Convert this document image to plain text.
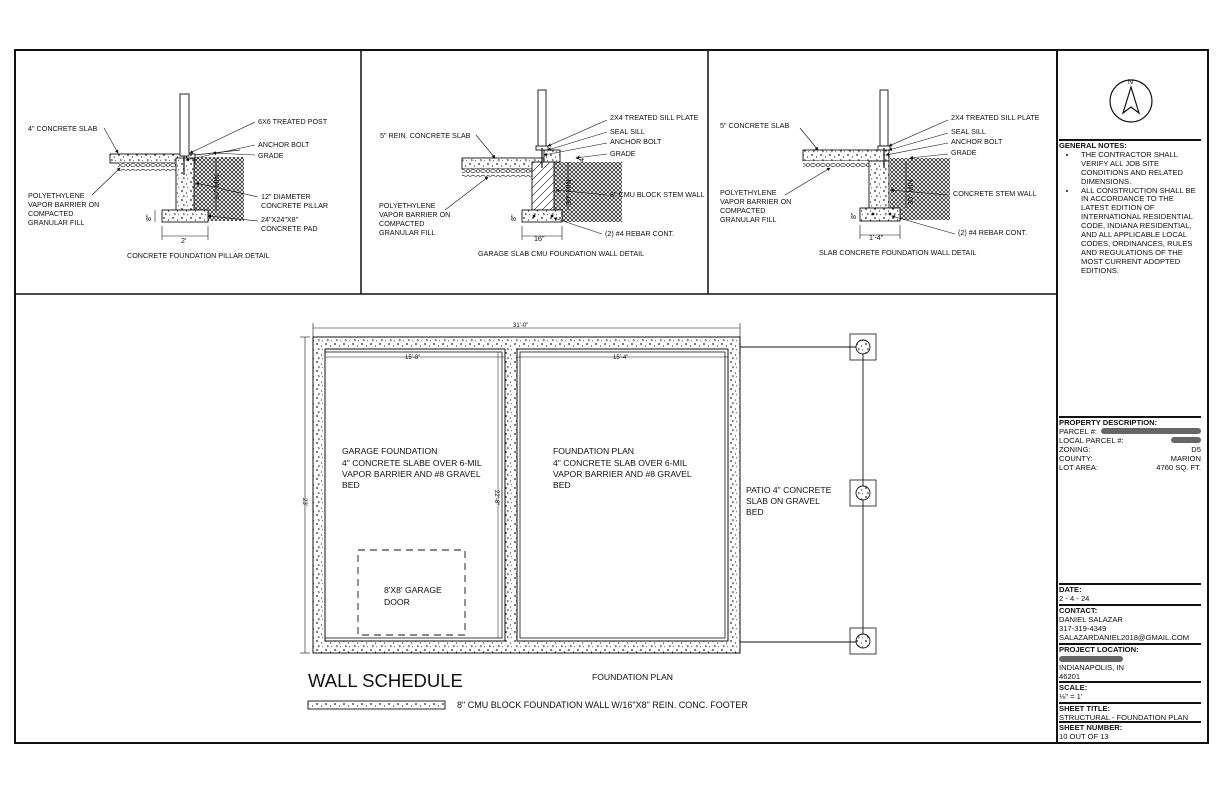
4" CONCRETE SLAB
6X6 TREATED POST
ANCHOR BOLT
GRADE
POLYETHYLENE
VAPOR BARRIER ON
COMPACTED
GRANULAR FILL
12" DIAMETER
CONCRETE PILLAR
24"X24"X8"
CONCRETE PAD
30" MIN
8"
2'
CONCRETE FOUNDATION PILLAR DETAIL
5" REIN. CONCRETE SLAB
2X4 TREATED SILL PLATE
SEAL SILL
ANCHOR BOLT
GRADE
8" CMU BLOCK STEM WALL
POLYETHYLENE
VAPOR BARRIER ON
COMPACTED
GRANULAR FILL	(2) #4 REBAR CONT.
30" MIN
4"
8"
16"
GARAGE SLAB CMU FOUNDATION WALL DETAIL
5" CONCRETE SLAB
2X4 TREATED SILL PLATE
SEAL SILL
ANCHOR BOLT
GRADE
CONCRETE STEM WALL
POLYETHYLENE
VAPOR BARRIER ON
COMPACTED
GRANULAR FILL
(2) #4 REBAR CONT.
30" MIN
8"
1'-4"
SLAB CONCRETE FOUNDATION WALL DETAIL
31'-0"
15'-8"	15'-4"
23'	22'-8"
GARAGE FOUNDATION
4" CONCRETE SLABE OVER 6-MIL
VAPOR BARRIER AND #8 GRAVEL
BED
FOUNDATION PLAN
4" CONCRETE SLAB OVER 6-MIL
VAPOR BARRIER AND #8 GRAVEL
BED	PATIO 4" CONCRETE
SLAB ON GRAVEL
BED
8'X8' GARAGE
DOOR
FOUNDATION PLAN
WALL SCHEDULE
8" CMU BLOCK FOUNDATION WALL W/16"X8" REIN. CONC. FOOTER
N
GENERAL NOTES:
• THE CONTRACTOR SHALL VERIFY ALL JOB SITE CONDITIONS AND RELATED DIMENSIONS.
• ALL CONSTRUCTION SHALL BE IN ACCORDANCE TO THE LATEST EDITION OF INTERNATIONAL RESIDENTIAL CODE, INDIANA RESIDENTIAL, AND ALL APPLICABLE LOCAL CODES, ORDINANCES, RULES AND REGULATIONS OF THE MOST CURRENT ADOPTED EDITIONS.
PROPERTY DESCRIPTION:
PARCEL #:
LOCAL PARCEL #:
ZONING:	D5
COUNTY:	MARION
LOT AREA:	4760 SQ. FT.
DATE:
2 - 4 - 24
CONTACT:
DANIEL SALAZAR
317-319-4349
SALAZARDANIEL2018@GMAIL.COM
PROJECT LOCATION:
INDIANAPOLIS, IN
46201
SCALE:
⅛" = 1'
SHEET TITLE:
STRUCTURAL - FOUNDATION PLAN
SHEET NUMBER:
10 OUT OF 13
